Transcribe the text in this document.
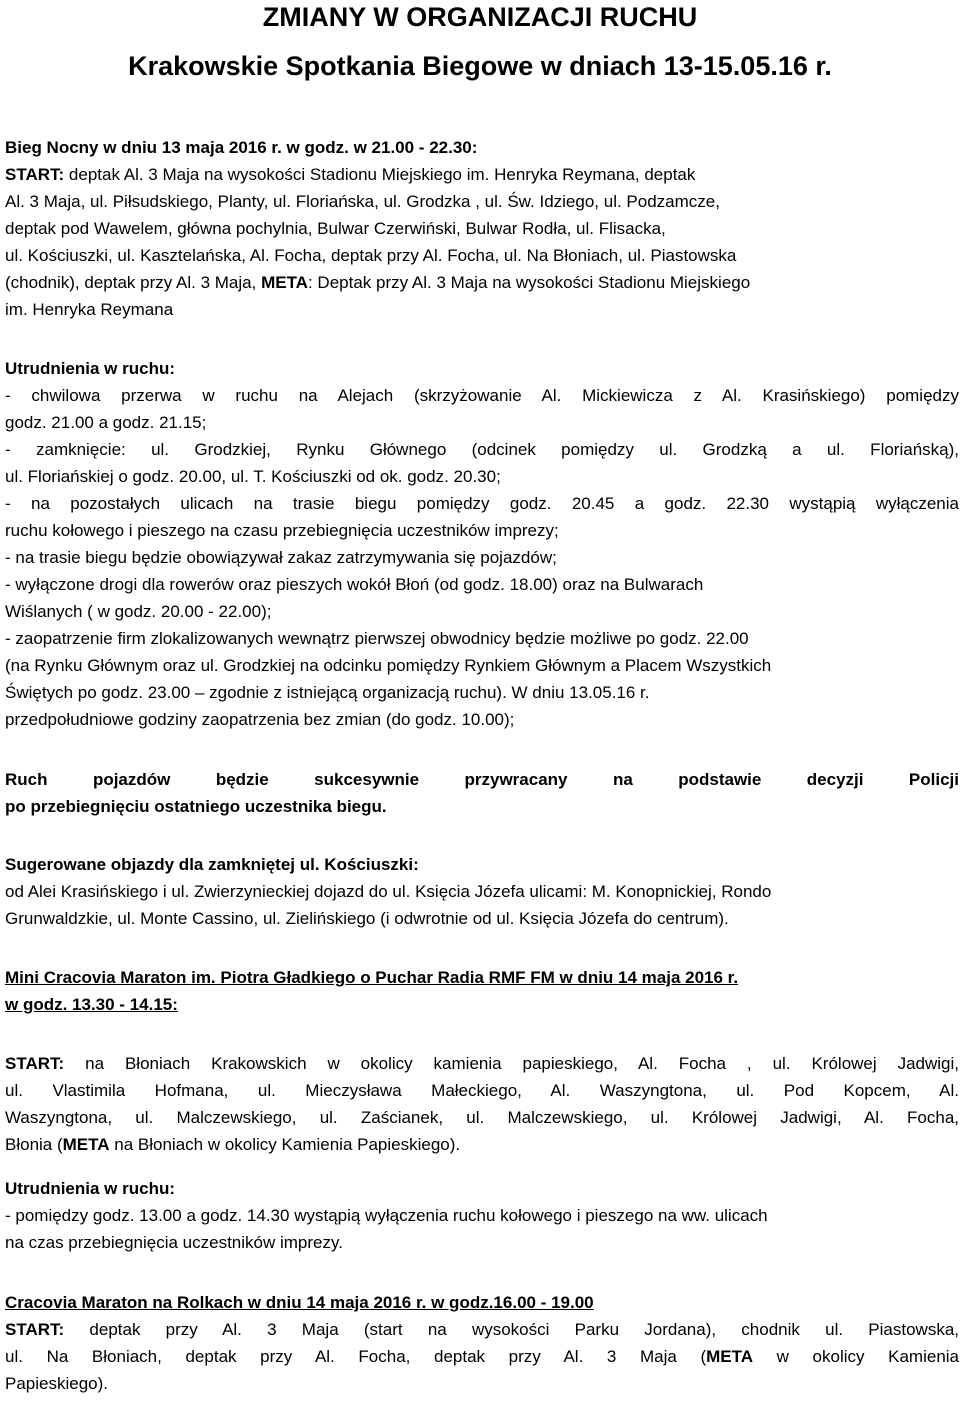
ZMIANY W ORGANIZACJI RUCHU
Krakowskie Spotkania Biegowe w dniach 13-15.05.16 r.
Bieg Nocny w dniu 13 maja 2016 r. w godz. w 21.00 - 22.30:
START: deptak Al. 3 Maja na wysokości Stadionu Miejskiego im. Henryka Reymana, deptak
Al. 3 Maja, ul. Piłsudskiego, Planty, ul. Floriańska, ul. Grodzka , ul. Św. Idziego, ul. Podzamcze,
deptak pod Wawelem, główna pochylnia, Bulwar Czerwiński, Bulwar Rodła, ul. Flisacka,
ul. Kościuszki, ul. Kasztelańska, Al. Focha, deptak przy Al. Focha, ul. Na Błoniach, ul. Piastowska
(chodnik), deptak przy Al. 3 Maja, META: Deptak przy Al. 3 Maja na wysokości Stadionu Miejskiego
im. Henryka Reymana
Utrudnienia w ruchu:
- chwilowa przerwa w ruchu na Alejach (skrzyżowanie Al. Mickiewicza z Al. Krasińskiego) pomiędzy
godz. 21.00 a godz. 21.15;
- zamknięcie: ul. Grodzkiej, Rynku Głównego (odcinek pomiędzy ul. Grodzką a ul. Floriańską),
ul. Floriańskiej o godz. 20.00, ul. T. Kościuszki od ok. godz. 20.30;
- na pozostałych ulicach na trasie biegu pomiędzy godz. 20.45 a godz. 22.30 wystąpią wyłączenia
ruchu kołowego i pieszego na czasu przebiegnięcia uczestników imprezy;
- na trasie biegu będzie obowiązywał zakaz zatrzymywania się pojazdów;
- wyłączone drogi dla rowerów oraz pieszych wokół Błoń (od godz. 18.00) oraz na Bulwarach
Wiślanych ( w godz. 20.00 - 22.00);
- zaopatrzenie firm zlokalizowanych wewnątrz pierwszej obwodnicy będzie możliwe po godz. 22.00
(na Rynku Głównym oraz ul. Grodzkiej na odcinku pomiędzy Rynkiem Głównym a Placem Wszystkich
Świętych po godz. 23.00 – zgodnie z istniejącą organizacją ruchu). W dniu 13.05.16 r.
przedpołudniowe godziny zaopatrzenia bez zmian (do godz. 10.00);
Ruch pojazdów będzie sukcesywnie przywracany na podstawie decyzji Policji
po przebiegnięciu ostatniego uczestnika biegu.
Sugerowane objazdy dla zamkniętej ul. Kościuszki:
od Alei Krasińskiego i ul. Zwierzynieckiej dojazd do ul. Księcia Józefa ulicami: M. Konopnickiej, Rondo
Grunwaldzkie, ul. Monte Cassino, ul. Zielińskiego (i odwrotnie od ul. Księcia Józefa do centrum).
Mini Cracovia Maraton im. Piotra Gładkiego o Puchar Radia RMF FM w dniu 14 maja 2016 r.
w godz. 13.30 - 14.15:
START: na Błoniach Krakowskich w okolicy kamienia papieskiego, Al. Focha , ul. Królowej Jadwigi,
ul. Vlastimila Hofmana, ul. Mieczysława Małeckiego, Al. Waszyngtona, ul. Pod Kopcem, Al.
Waszyngtona, ul. Malczewskiego, ul. Zaścianek, ul. Malczewskiego, ul. Królowej Jadwigi, Al. Focha,
Błonia (META na Błoniach w okolicy Kamienia Papieskiego).
Utrudnienia w ruchu:
- pomiędzy godz. 13.00 a godz. 14.30 wystąpią wyłączenia ruchu kołowego i pieszego na ww. ulicach
na czas przebiegnięcia uczestników imprezy.
Cracovia Maraton na Rolkach w dniu 14 maja 2016 r. w godz.16.00 - 19.00
START: deptak przy Al. 3 Maja (start na wysokości Parku Jordana), chodnik ul. Piastowska,
ul. Na Błoniach, deptak przy Al. Focha, deptak przy Al. 3 Maja (META w okolicy Kamienia
Papieskiego).
